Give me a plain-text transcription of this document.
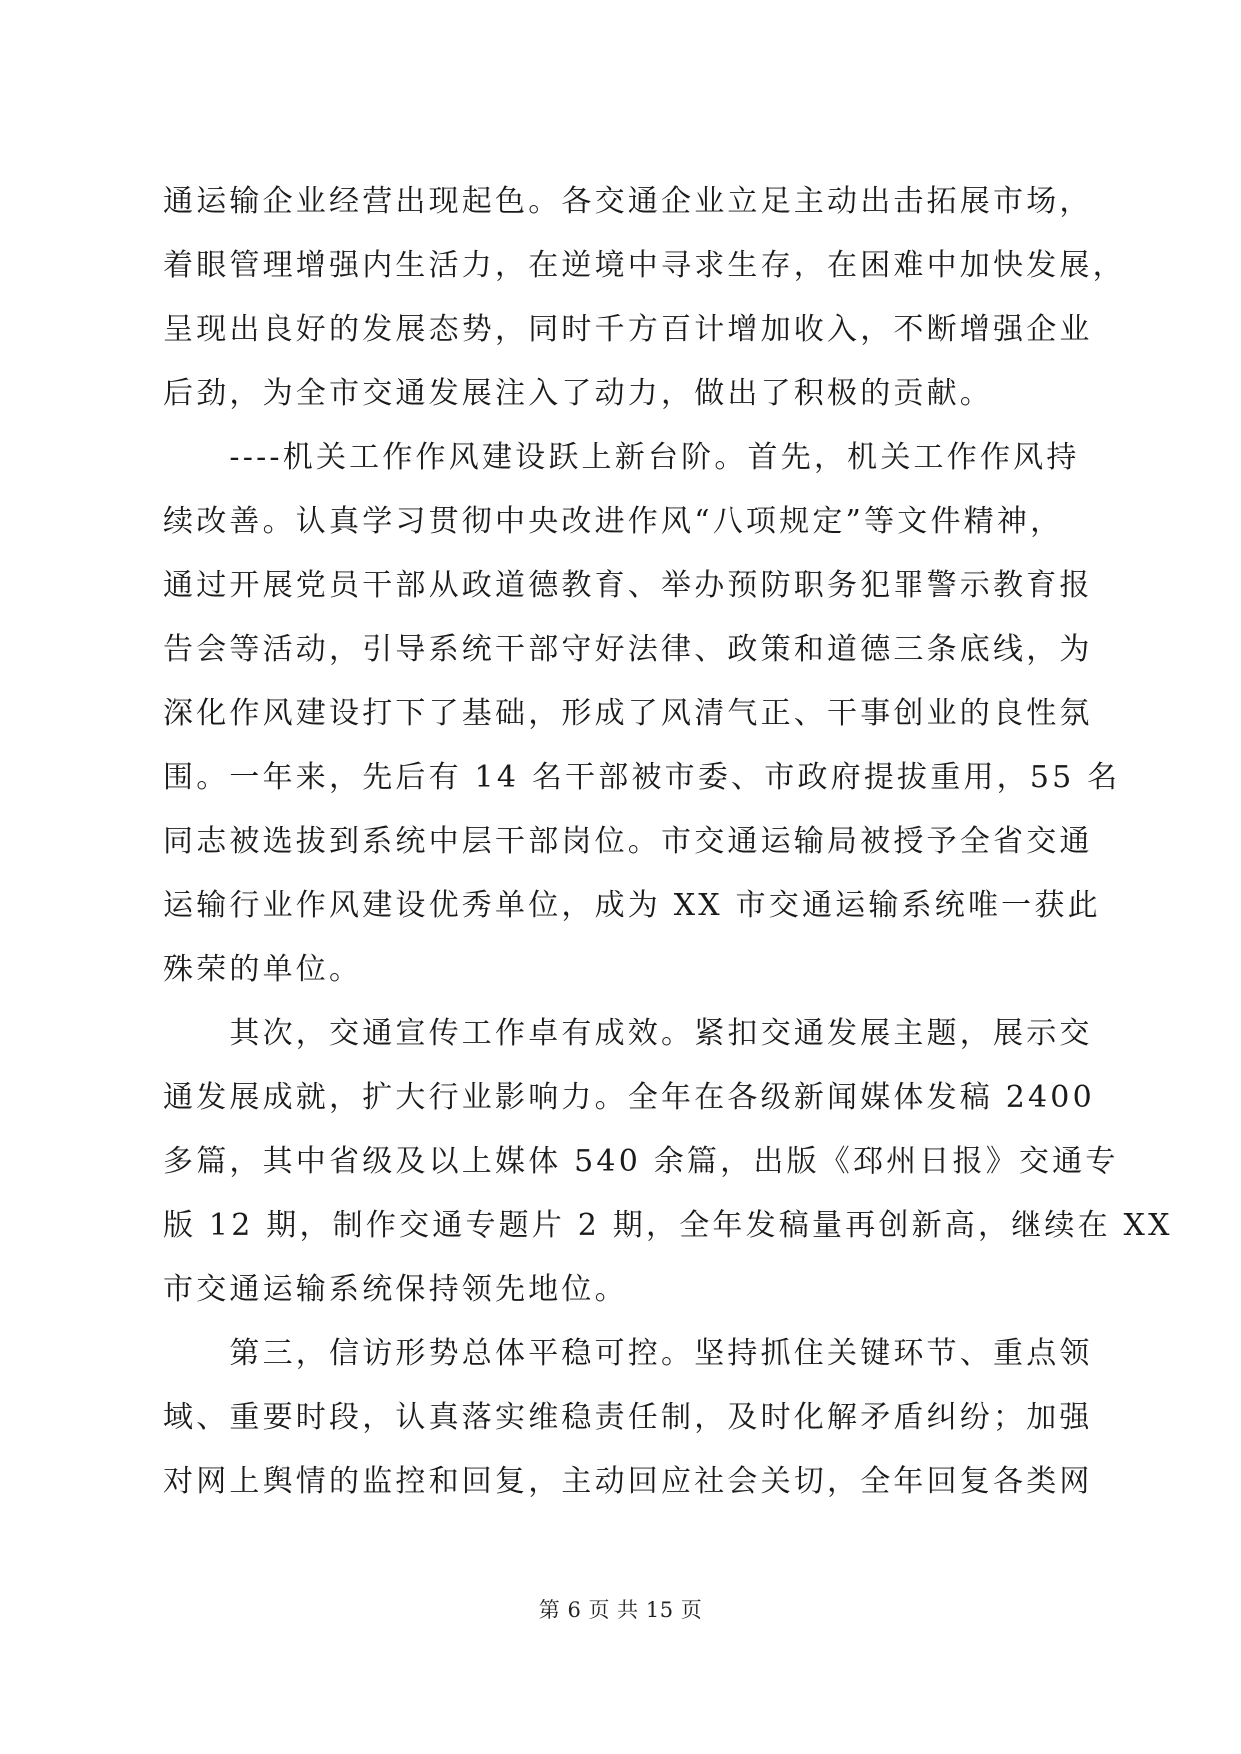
通运输企业经营出现起色。各交通企业立足主动出击拓展市场，
着眼管理增强内生活力，在逆境中寻求生存，在困难中加快发展，
呈现出良好的发展态势，同时千方百计增加收入，不断增强企业
后劲，为全市交通发展注入了动力，做出了积极的贡献。

　　----机关工作作风建设跃上新台阶。首先，机关工作作风持
续改善。认真学习贯彻中央改进作风“八项规定”等文件精神，
通过开展党员干部从政道德教育、举办预防职务犯罪警示教育报
告会等活动，引导系统干部守好法律、政策和道德三条底线，为
深化作风建设打下了基础，形成了风清气正、干事创业的良性氛
围。一年来，先后有 14 名干部被市委、市政府提拔重用，55 名
同志被选拔到系统中层干部岗位。市交通运输局被授予全省交通
运输行业作风建设优秀单位，成为 XX 市交通运输系统唯一获此
殊荣的单位。

　　其次，交通宣传工作卓有成效。紧扣交通发展主题，展示交
通发展成就，扩大行业影响力。全年在各级新闻媒体发稿 2400
多篇，其中省级及以上媒体 540 余篇，出版《邳州日报》交通专
版 12 期，制作交通专题片 2 期，全年发稿量再创新高，继续在 XX
市交通运输系统保持领先地位。

　　第三，信访形势总体平稳可控。坚持抓住关键环节、重点领
域、重要时段，认真落实维稳责任制，及时化解矛盾纠纷；加强
对网上舆情的监控和回复，主动回应社会关切，全年回复各类网

第 6 页 共 15 页
